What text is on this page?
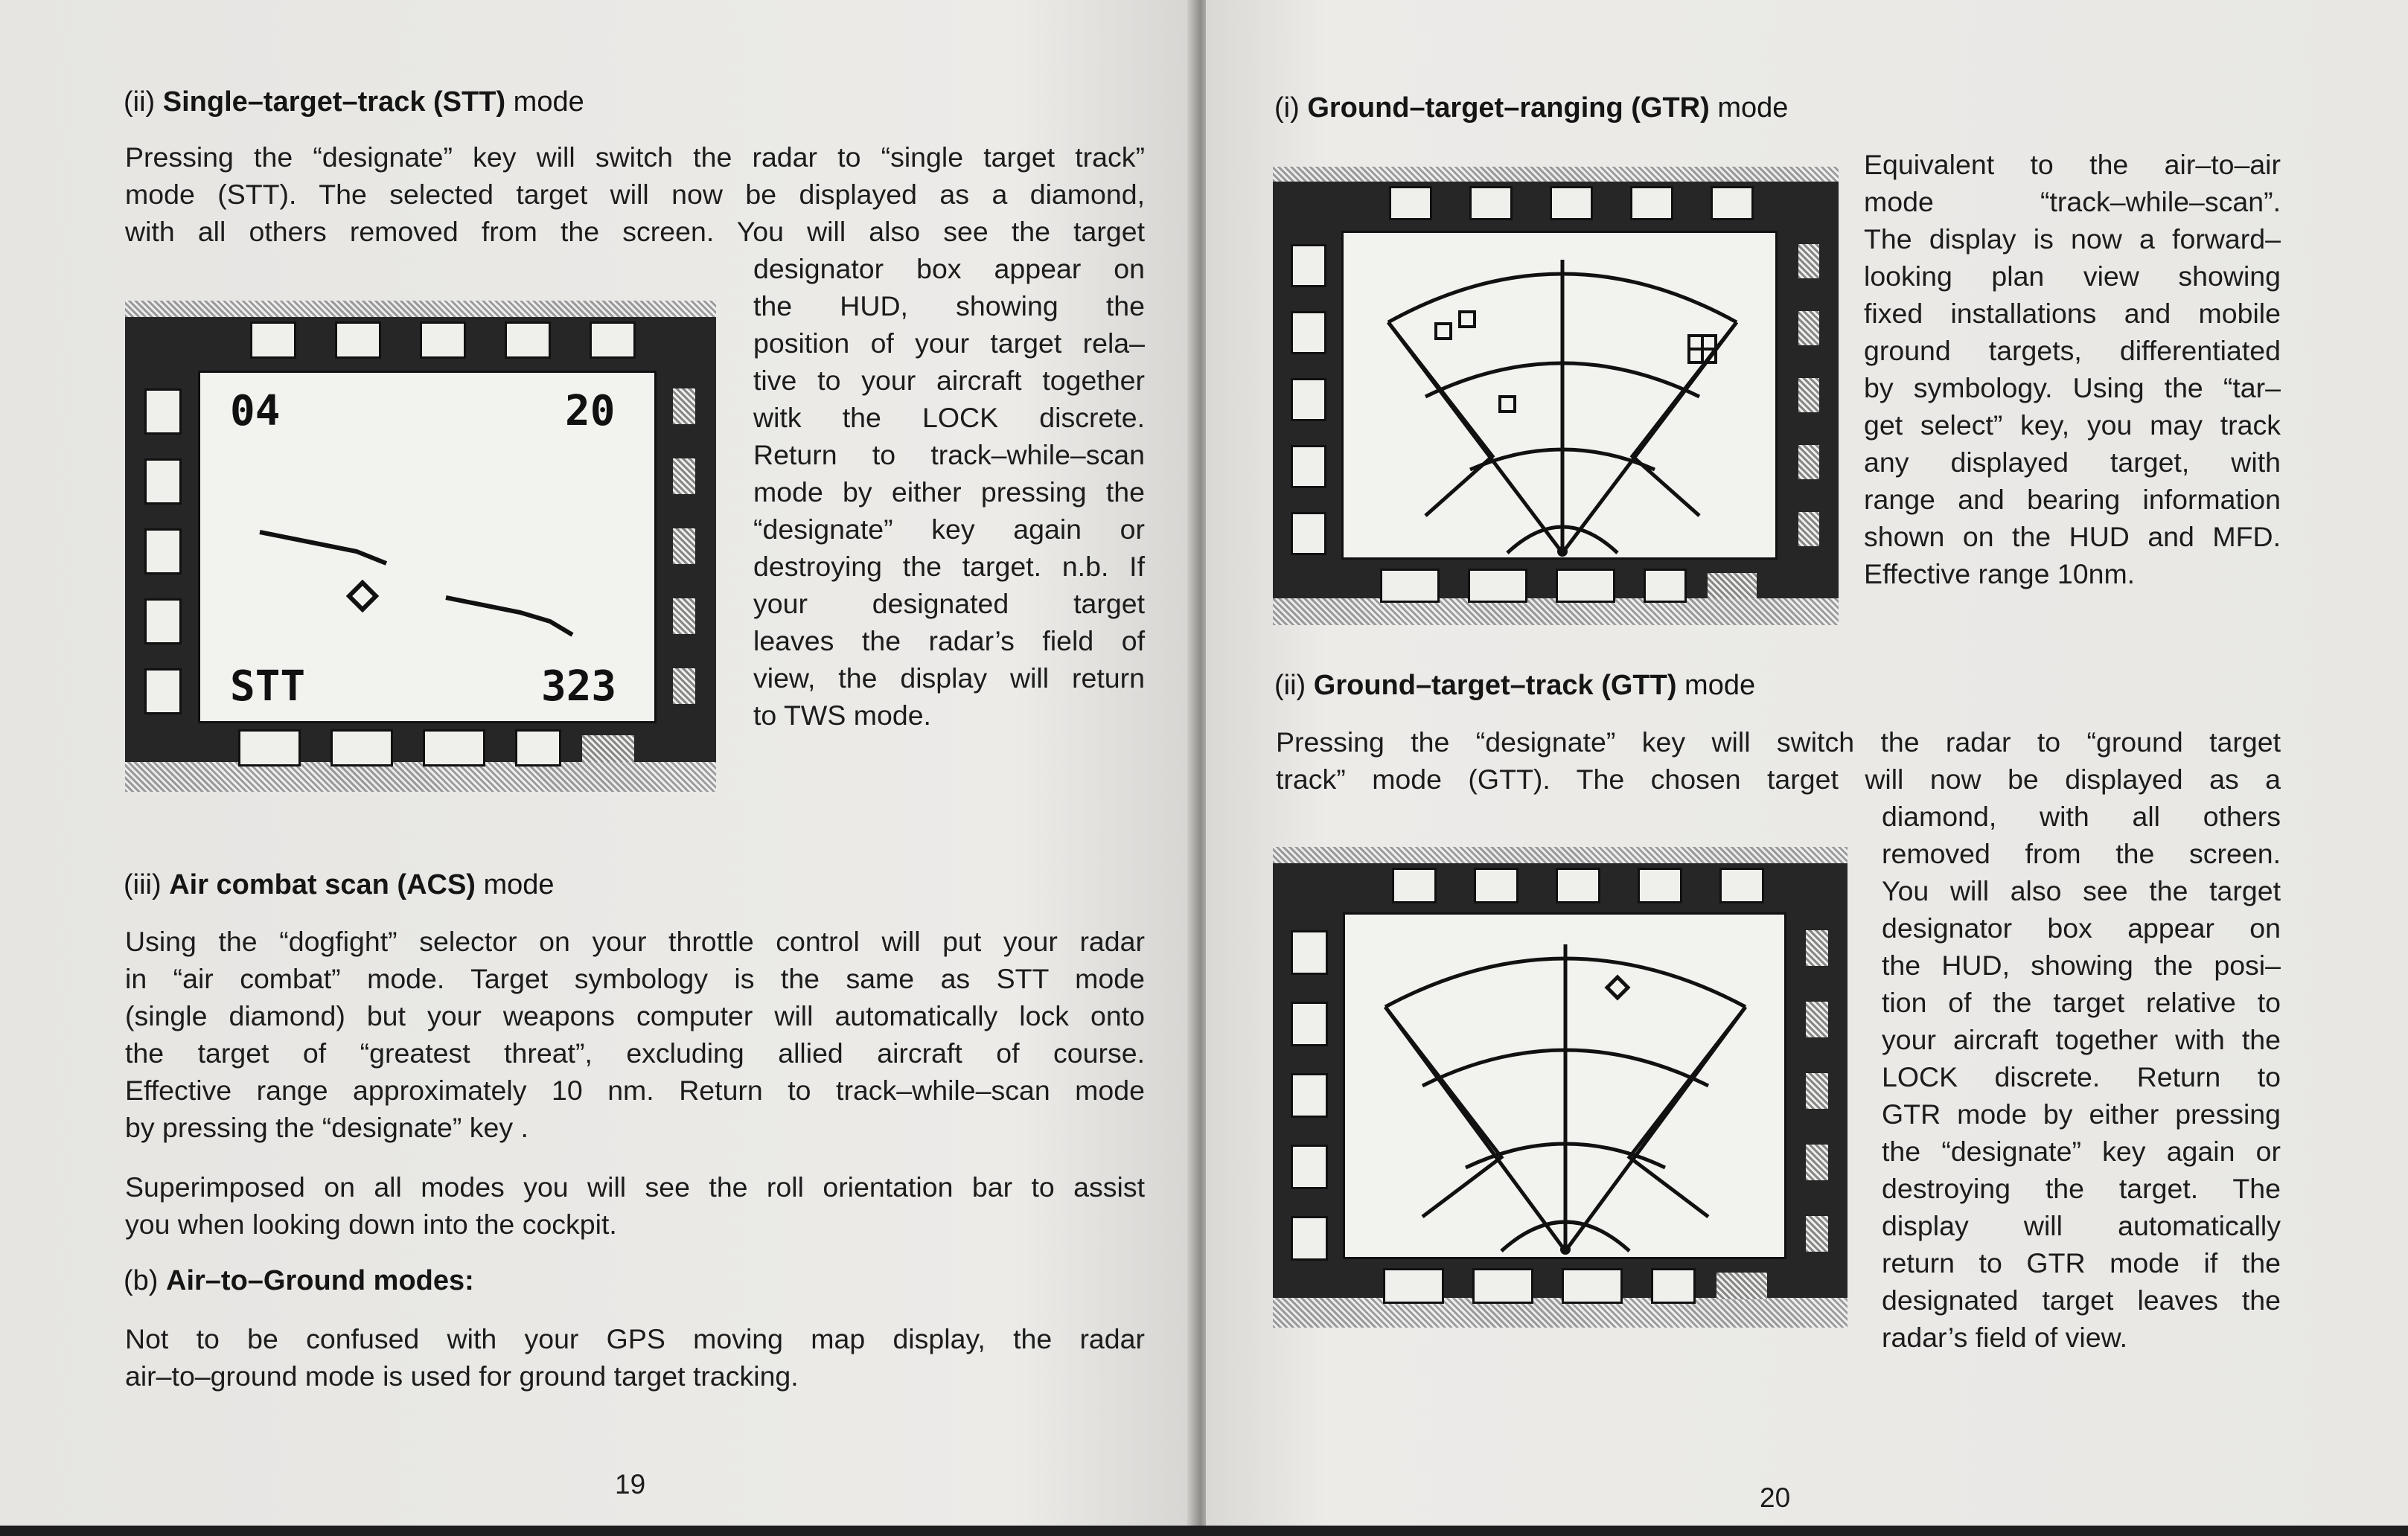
(ii) Single–target–track (STT) mode
Pressing the “designate” key will switch the radar to “single target track”
mode (STT). The selected target will now be displayed as a diamond,
with all others removed from the screen. You will also see the target
designator box appear on
the HUD, showing the
position of your target rela–
tive to your aircraft together
witk the LOCK discrete.
Return to track–while–scan
mode by either pressing the
“designate” key again or
destroying the target. n.b. If
your designated target
leaves the radar’s field of
view, the display will return
to TWS mode.
04	20
STT	323
(iii) Air combat scan (ACS) mode
Using the “dogfight” selector on your throttle control will put your radar
in “air combat” mode. Target symbology is the same as STT mode
(single diamond) but your weapons computer will automatically lock onto
the target of “greatest threat”, excluding allied aircraft of course.
Effective range approximately 10 nm. Return to track–while–scan mode
by pressing the “designate” key .
Superimposed on all modes you will see the roll orientation bar to assist
you when looking down into the cockpit.
(b) Air–to–Ground modes:
Not to be confused with your GPS moving map display, the radar
air–to–ground mode is used for ground target tracking.
19
(i) Ground–target–ranging (GTR) mode
Equivalent to the air–to–air
mode “track–while–scan”.
The display is now a forward–
looking plan view showing
fixed installations and mobile
ground targets, differentiated
by symbology. Using the “tar–
get select” key, you may track
any displayed target, with
range and bearing information
shown on the HUD and MFD.
Effective range 10nm.
(ii) Ground–target–track (GTT) mode
Pressing the “designate” key will switch the radar to “ground target
track” mode (GTT). The chosen target will now be displayed as a
diamond, with all others
removed from the screen.
You will also see the target
designator box appear on
the HUD, showing the posi–
tion of the target relative to
your aircraft together with the
LOCK discrete. Return to
GTR mode by either pressing
the “designate” key again or
destroying the target. The
display will automatically
return to GTR mode if the
designated target leaves the
radar’s field of view.
20
